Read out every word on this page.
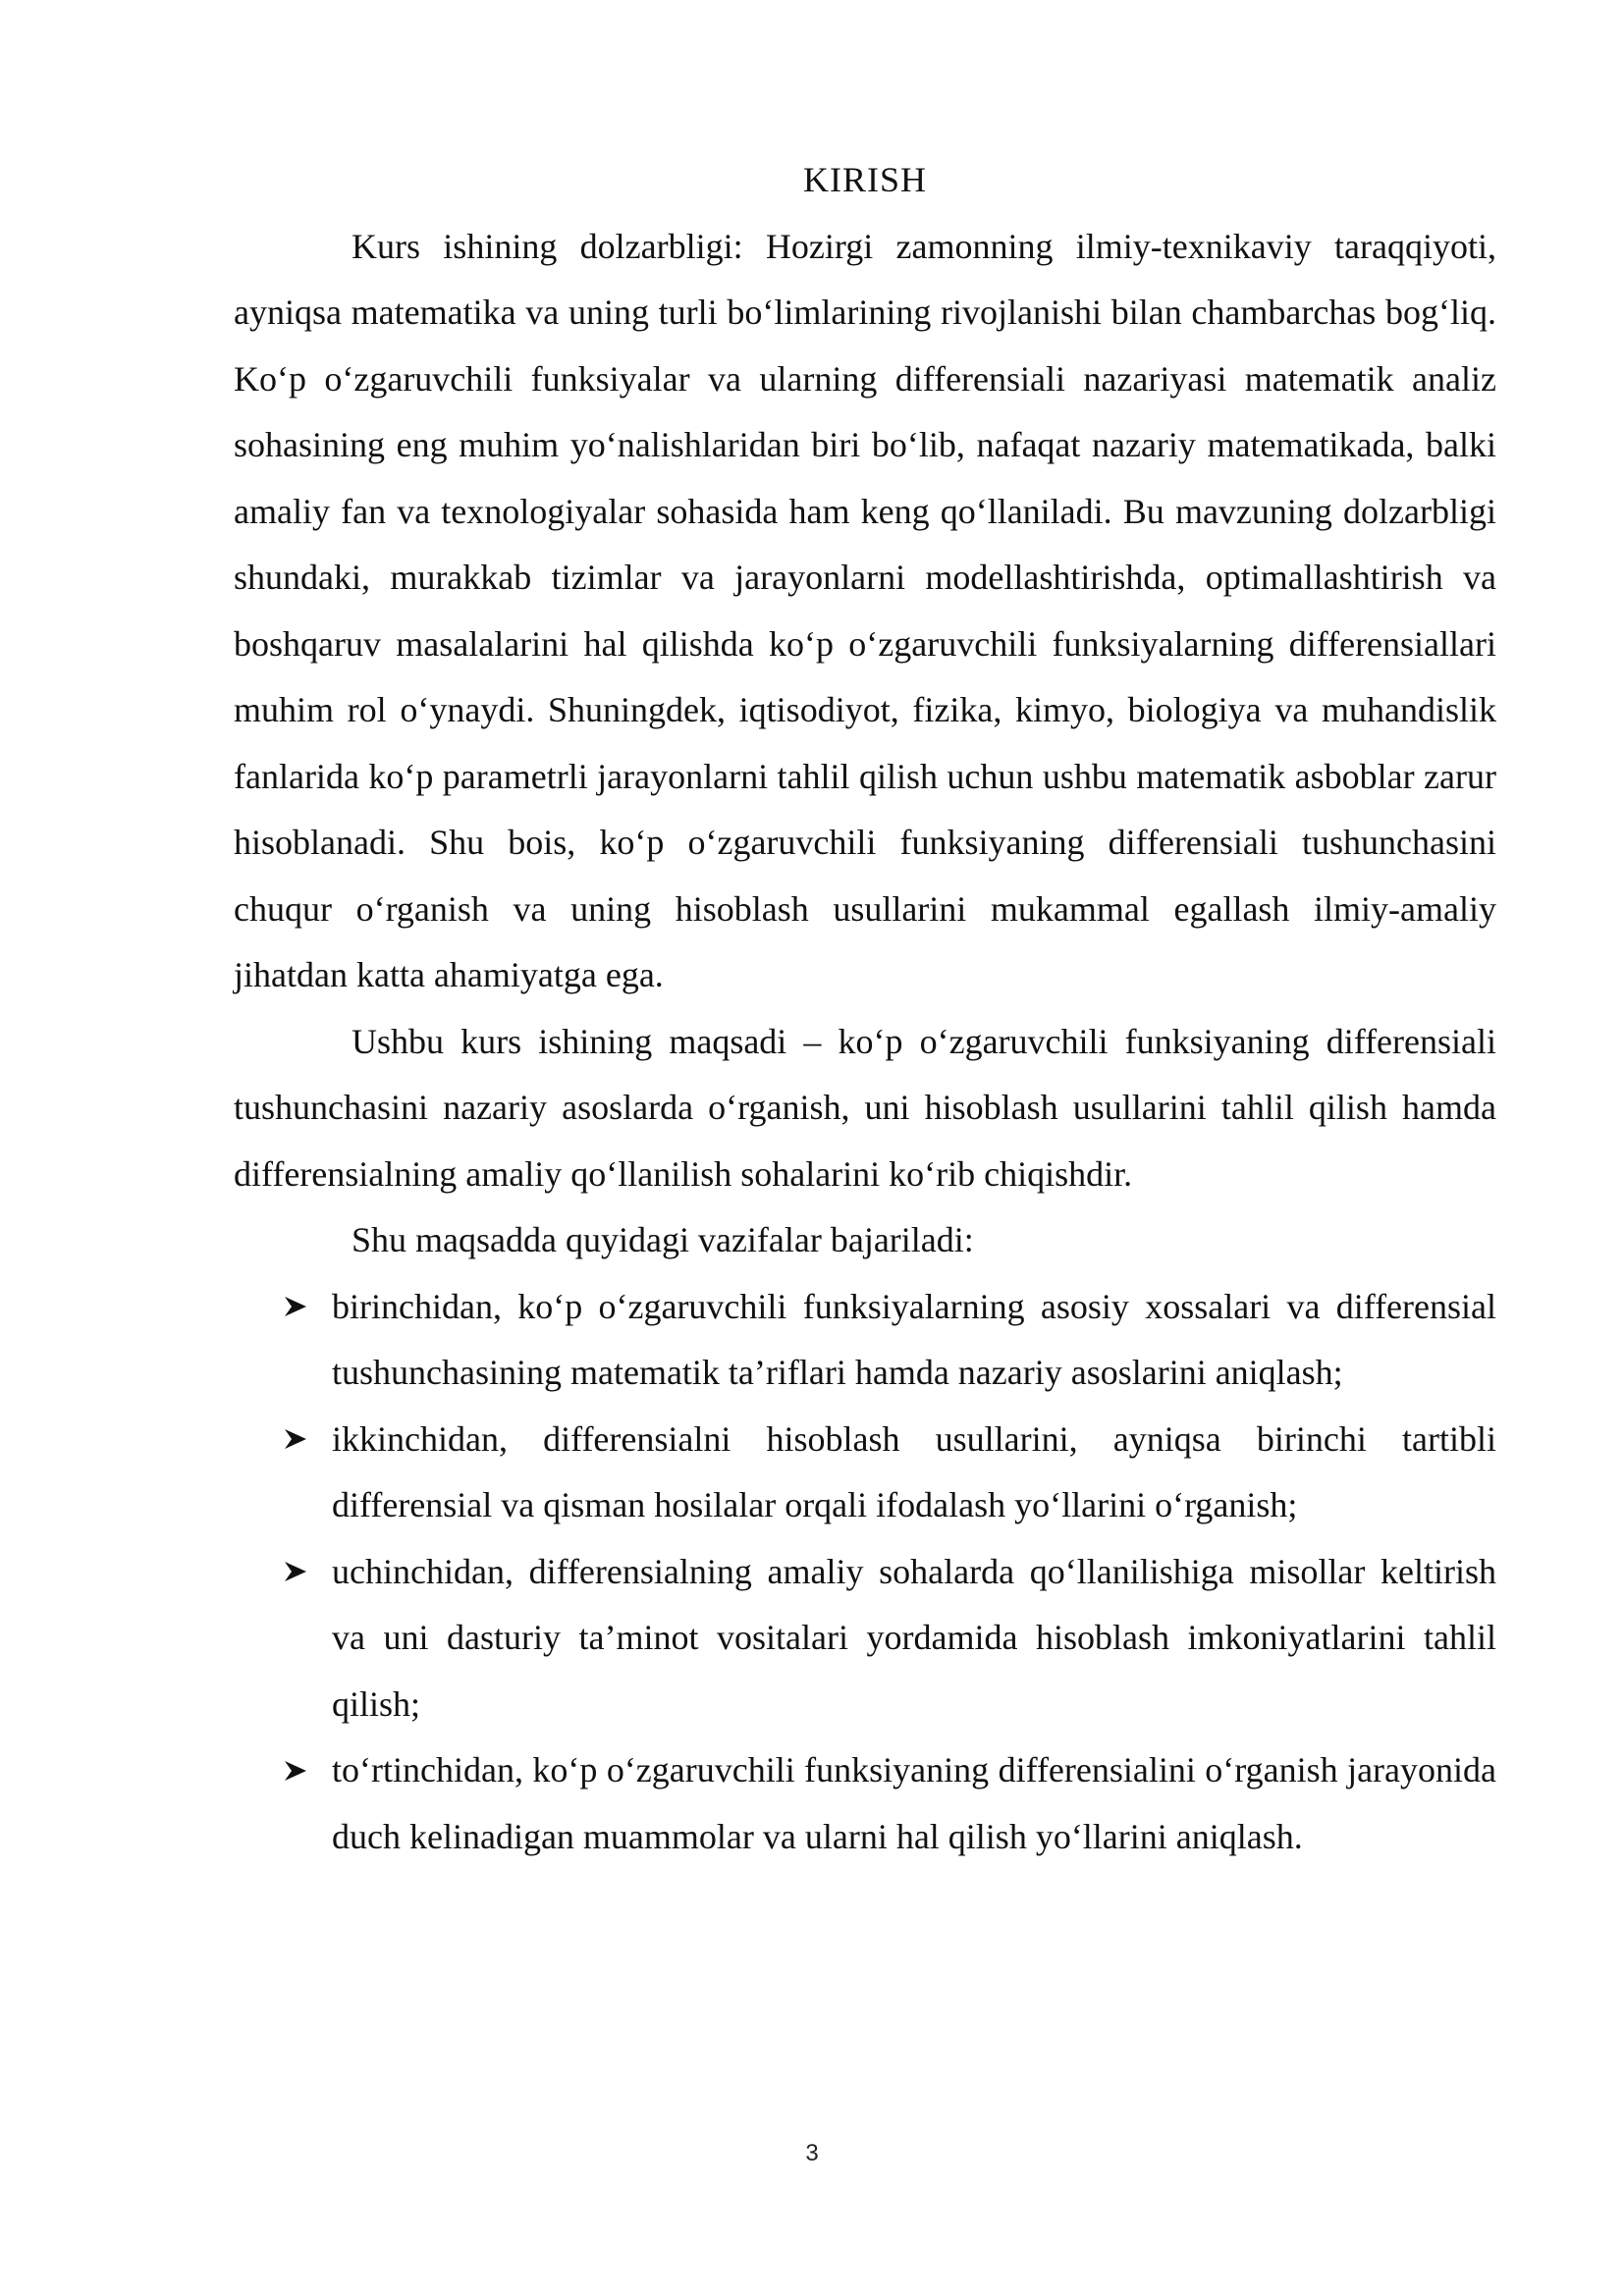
KIRISH

Kurs ishining dolzarbligi: Hozirgi zamonning ilmiy-texnikaviy taraqqiyoti, ayniqsa matematika va uning turli bo‘limlarining rivojlanishi bilan chambarchas bog‘liq. Ko‘p o‘zgaruvchili funksiyalar va ularning differensiali nazariyasi matematik analiz sohasining eng muhim yo‘nalishlaridan biri bo‘lib, nafaqat nazariy matematikada, balki amaliy fan va texnologiyalar sohasida ham keng qo‘llaniladi. Bu mavzuning dolzarbligi shundaki, murakkab tizimlar va jarayonlarni modellashtirishda, optimallashtirish va boshqaruv masalalarini hal qilishda ko‘p o‘zgaruvchili funksiyalarning differensiallari muhim rol o‘ynaydi. Shuningdek, iqtisodiyot, fizika, kimyo, biologiya va muhandislik fanlarida ko‘p parametrli jarayonlarni tahlil qilish uchun ushbu matematik asboblar zarur hisoblanadi. Shu bois, ko‘p o‘zgaruvchili funksiyaning differensiali tushunchasini chuqur o‘rganish va uning hisoblash usullarini mukammal egallash ilmiy-amaliy jihatdan katta ahamiyatga ega.

Ushbu kurs ishining maqsadi – ko‘p o‘zgaruvchili funksiyaning differensiali tushunchasini nazariy asoslarda o‘rganish, uni hisoblash usullarini tahlil qilish hamda differensialning amaliy qo‘llanilish sohalarini ko‘rib chiqishdir.

Shu maqsadda quyidagi vazifalar bajariladi:

birinchidan, ko‘p o‘zgaruvchili funksiyalarning asosiy xossalari va differensial tushunchasining matematik ta’riflari hamda nazariy asoslarini aniqlash;
ikkinchidan, differensialni hisoblash usullarini, ayniqsa birinchi tartibli differensial va qisman hosilalar orqali ifodalash yo‘llarini o‘rganish;
uchinchidan, differensialning amaliy sohalarda qo‘llanilishiga misollar keltirish va uni dasturiy ta’minot vositalari yordamida hisoblash imkoniyatlarini tahlil qilish;
to‘rtinchidan, ko‘p o‘zgaruvchili funksiyaning differensialini o‘rganish jarayonida duch kelinadigan muammolar va ularni hal qilish yo‘llarini aniqlash.
3
